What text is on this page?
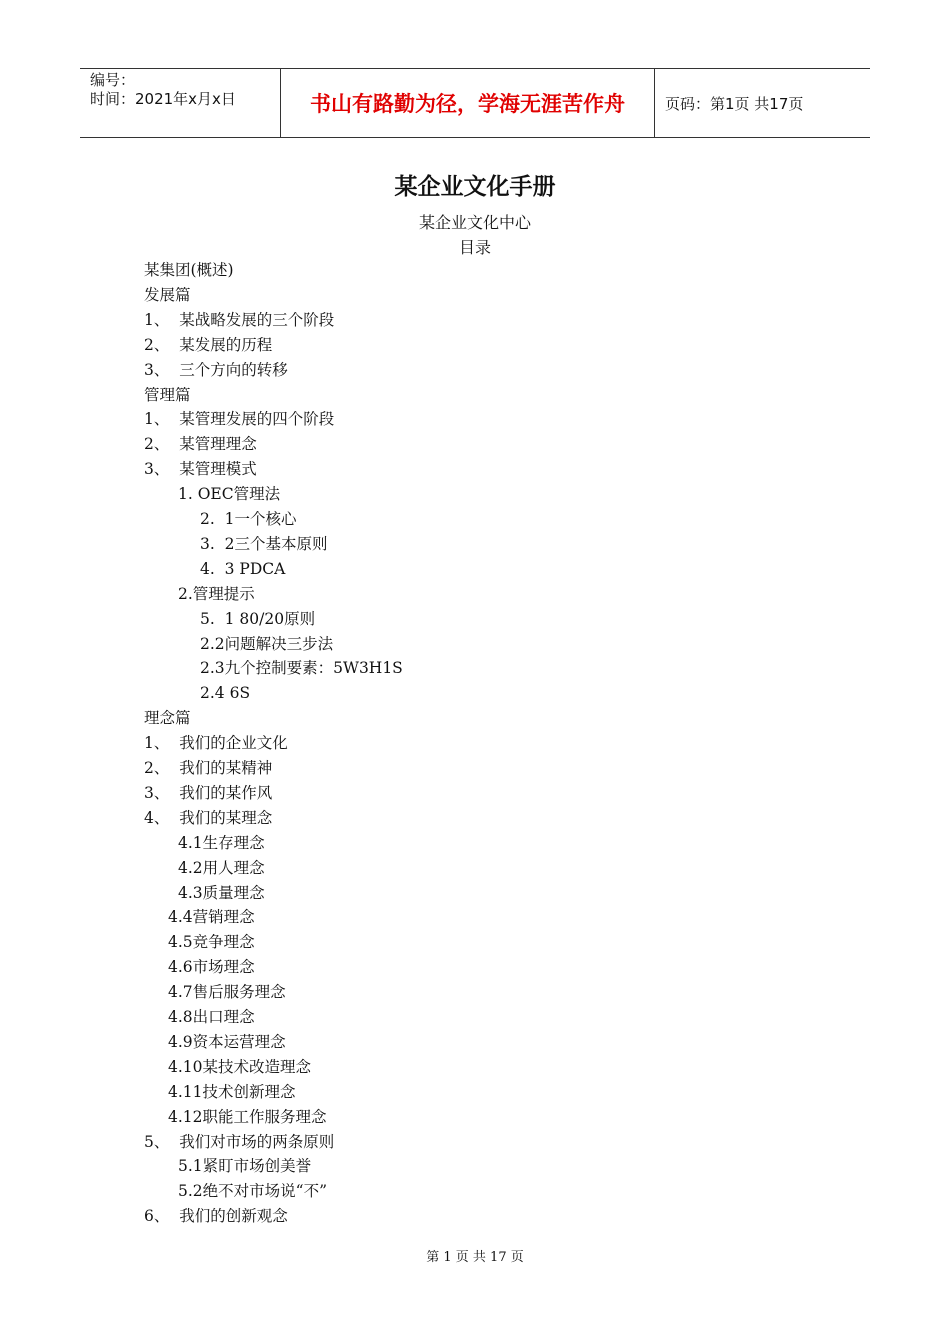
编号：
时间：2021年x月x日	书山有路勤为径，学海无涯苦作舟	页码：第1页 共17页
某企业文化手册
某企业文化中心
目录
某集团(概述)
发展篇
1、  某战略发展的三个阶段
2、  某发展的历程
3、  三个方向的转移
管理篇
1、  某管理发展的四个阶段
2、  某管理理念
3、  某管理模式
1. OEC管理法
2.  1一个核心
3.  2三个基本原则
4.  3 PDCA
2.管理提示
5.  1 80/20原则
2.2问题解决三步法
2.3九个控制要素：5W3H1S
2.4 6S
理念篇
1、  我们的企业文化
2、  我们的某精神
3、  我们的某作风
4、  我们的某理念
4.1生存理念
4.2用人理念
4.3质量理念
4.4营销理念
4.5竞争理念
4.6市场理念
4.7售后服务理念
4.8出口理念
4.9资本运营理念
4.10某技术改造理念
4.11技术创新理念
4.12职能工作服务理念
5、  我们对市场的两条原则
5.1紧盯市场创美誉
5.2绝不对市场说“不”
6、  我们的创新观念
第 1 页 共 17 页
